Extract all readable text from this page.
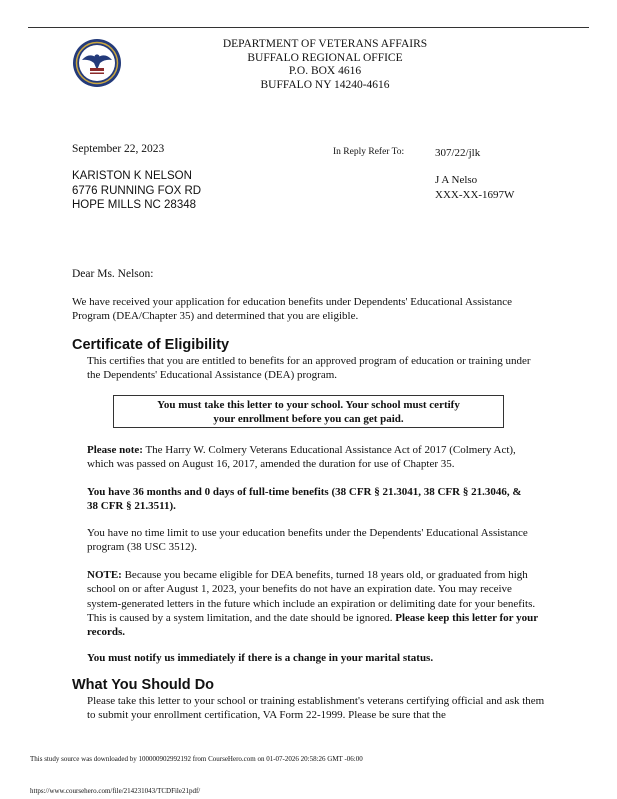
DEPARTMENT OF VETERANS AFFAIRS
BUFFALO REGIONAL OFFICE
P.O. BOX 4616
BUFFALO NY 14240-4616
September 22, 2023	In Reply Refer To:	307/22/jlk
KARISTON K NELSON
6776 RUNNING FOX RD
HOPE MILLS NC 28348
J A Nelso
XXX-XX-1697W
Dear Ms. Nelson:
We have received your application for education benefits under Dependents' Educational Assistance Program (DEA/Chapter 35) and determined that you are eligible.
Certificate of Eligibility
This certifies that you are entitled to benefits for an approved program of education or training under the Dependents' Educational Assistance (DEA) program.
You must take this letter to your school. Your school must certify
your enrollment before you can get paid.
Please note: The Harry W. Colmery Veterans Educational Assistance Act of 2017 (Colmery Act), which was passed on August 16, 2017, amended the duration for use of Chapter 35.
You have 36 months and 0 days of full-time benefits (38 CFR § 21.3041, 38 CFR § 21.3046, & 38 CFR § 21.3511).
You have no time limit to use your education benefits under the Dependents' Educational Assistance program (38 USC 3512).
NOTE: Because you became eligible for DEA benefits, turned 18 years old, or graduated from high school on or after August 1, 2023, your benefits do not have an expiration date. You may receive system-generated letters in the future which include an expiration or delimiting date for your benefits. This is caused by a system limitation, and the date should be ignored. Please keep this letter for your records.
You must notify us immediately if there is a change in your marital status.
What You Should Do
Please take this letter to your school or training establishment's veterans certifying official and ask them to submit your enrollment certification, VA Form 22-1999. Please be sure that the
This study source was downloaded by 100000902992192 from CourseHero.com on 01-07-2026 20:58:26 GMT -06:00
https://www.coursehero.com/file/214231043/TCDFile21pdf/
